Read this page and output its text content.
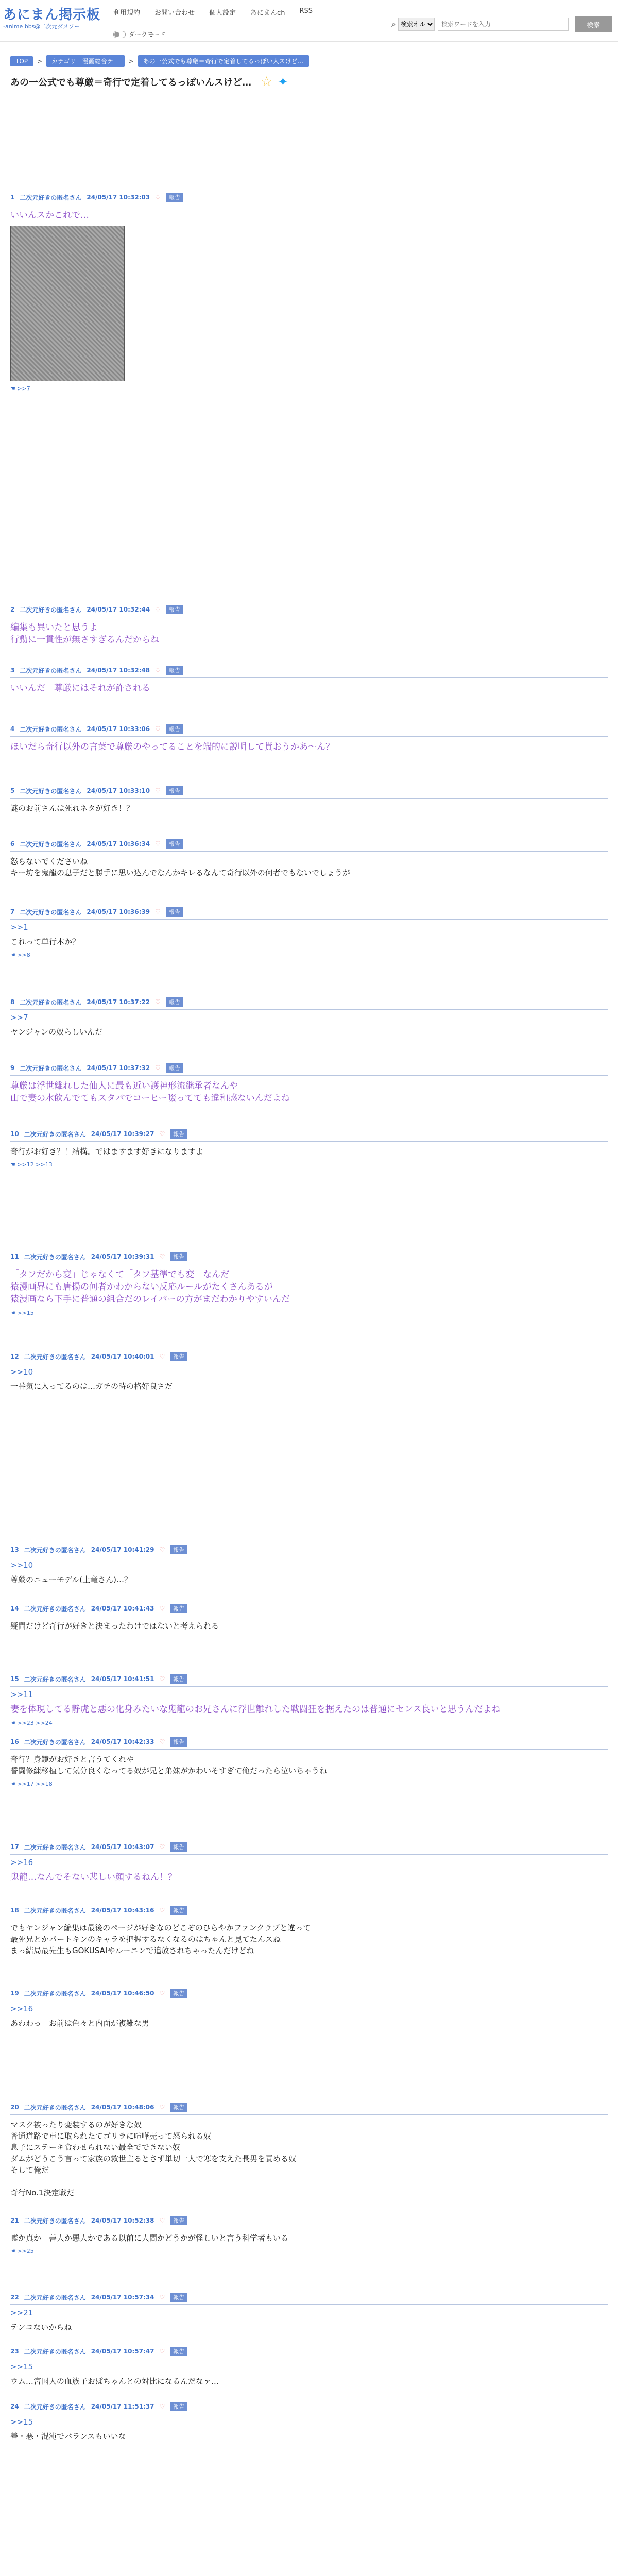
あにまん掲示板
-anime bbs@二次元ダメソー
利用規約 お問い合わせ 個人設定 あにまんch RSS
ダークモード
⌕
検索オル
検索ワードを入力	検索
TOP	>	カテゴリ「漫画総合テ」	>	あの一公式でも尊厳＝奇行で定着してるっぽい人スけど…
あの一公式でも尊厳＝奇行で定着してるっぽいんスけど… ☆ ✦
1 二次元好きの匿名さん 24/05/17 10:32:03 ♡	報告
いいんスかこれで…
☚ >>7
2 二次元好きの匿名さん 24/05/17 10:32:44 ♡	報告
編集も異いたと思うよ
行動に一貫性が無さすぎるんだからね
3 二次元好きの匿名さん 24/05/17 10:32:48 ♡	報告
いいんだ　尊厳にはそれが許される
4 二次元好きの匿名さん 24/05/17 10:33:06 ♡	報告
ほいだら奇行以外の言葉で尊厳のやってることを端的に説明して貰おうかあ〜ん？
5 二次元好きの匿名さん 24/05/17 10:33:10 ♡	報告
謎のお前さんは死れネタが好き！？
6 二次元好きの匿名さん 24/05/17 10:36:34 ♡	報告
怒らないでくださいね
キー坊を鬼龍の息子だと勝手に思い込んでなんかキレるなんて奇行以外の何者でもないでしょうが
7 二次元好きの匿名さん 24/05/17 10:36:39 ♡	報告
>>1
これって単行本か？
☚ >>8
8 二次元好きの匿名さん 24/05/17 10:37:22 ♡	報告
>>7
ヤンジャンの奴らしいんだ
9 二次元好きの匿名さん 24/05/17 10:37:32 ♡	報告
尊厳は浮世離れした仙人に最も近い護神形流継承者なんや
山で妻の水飲んでてもスタバでコーヒー啜ってても違和感ないんだよね
10 二次元好きの匿名さん 24/05/17 10:39:27 ♡	報告
奇行がお好き？！結構。ではますます好きになりますよ
☚ >>12 >>13
11 二次元好きの匿名さん 24/05/17 10:39:31 ♡	報告
「タフだから変」じゃなくて「タフ基準でも変」なんだ
猿漫画界にも唐揚の何者かわからない反応ルールがたくさんあるが
猿漫画なら下手に普通の組合だのレイバーの方がまだわかりやすいんだ
☚ >>15
12 二次元好きの匿名さん 24/05/17 10:40:01 ♡	報告
>>10
一番気に入ってるのは…ガチの時の格好良さだ
13 二次元好きの匿名さん 24/05/17 10:41:29 ♡	報告
>>10
尊厳のニューモデル(土竜さん)…？
14 二次元好きの匿名さん 24/05/17 10:41:43 ♡	報告
疑問だけど奇行が好きと決まったわけではないと考えられる
15 二次元好きの匿名さん 24/05/17 10:41:51 ♡	報告
>>11
妻を体現してる静虎と悪の化身みたいな鬼龍のお兄さんに浮世離れした戦闘狂を据えたのは普通にセンス良いと思うんだよね
☚ >>23 >>24
16 二次元好きの匿名さん 24/05/17 10:42:33 ♡	報告
奇行？身鏡がお好きと言うてくれや
誓闘修練移植して気分良くなってる奴が兄と弟妹がかわいそすぎて俺だったら泣いちゃうね
☚ >>17 >>18
17 二次元好きの匿名さん 24/05/17 10:43:07 ♡	報告
>>16
鬼龍…なんでそない悲しい顔するねん！？
18 二次元好きの匿名さん 24/05/17 10:43:16 ♡	報告
でもヤンジャン編集は最後のページが好きなのどこぞのひらやかファンクラブと違って
最死兄とかパートキンのキャラを把握するなくなるのはちゃんと見てたんスね
まっ結局最先生もGOKUSAIやルーニンで追放されちゃったんだけどね
19 二次元好きの匿名さん 24/05/17 10:46:50 ♡	報告
>>16
あわわっ　お前は色々と内面が複雑な男
20 二次元好きの匿名さん 24/05/17 10:48:06 ♡	報告
マスク被ったり変装するのが好きな奴
普通道路で車に取られたてゴリラに喧嘩売って怒られる奴
息子にステーキ食わせられない最全でできない奴
ダムがどうこう言って家族の救世主るとさず単切一人で寒を支えた長男を責める奴
そして俺だ

奇行No.1決定戦だ
21 二次元好きの匿名さん 24/05/17 10:52:38 ♡	報告
嘘か真か　善人か悪人かである以前に人間かどうかが怪しいと言う科学者もいる
☚ >>25
22 二次元好きの匿名さん 24/05/17 10:57:34 ♡	報告
>>21
テンコないからね
23 二次元好きの匿名さん 24/05/17 10:57:47 ♡	報告
>>15
ウム…宮国人の血族子おぱちゃんとの対比になるんだなァ…
24 二次元好きの匿名さん 24/05/17 11:51:37 ♡	報告
>>15
善・悪・混沌でバランスもいいな
